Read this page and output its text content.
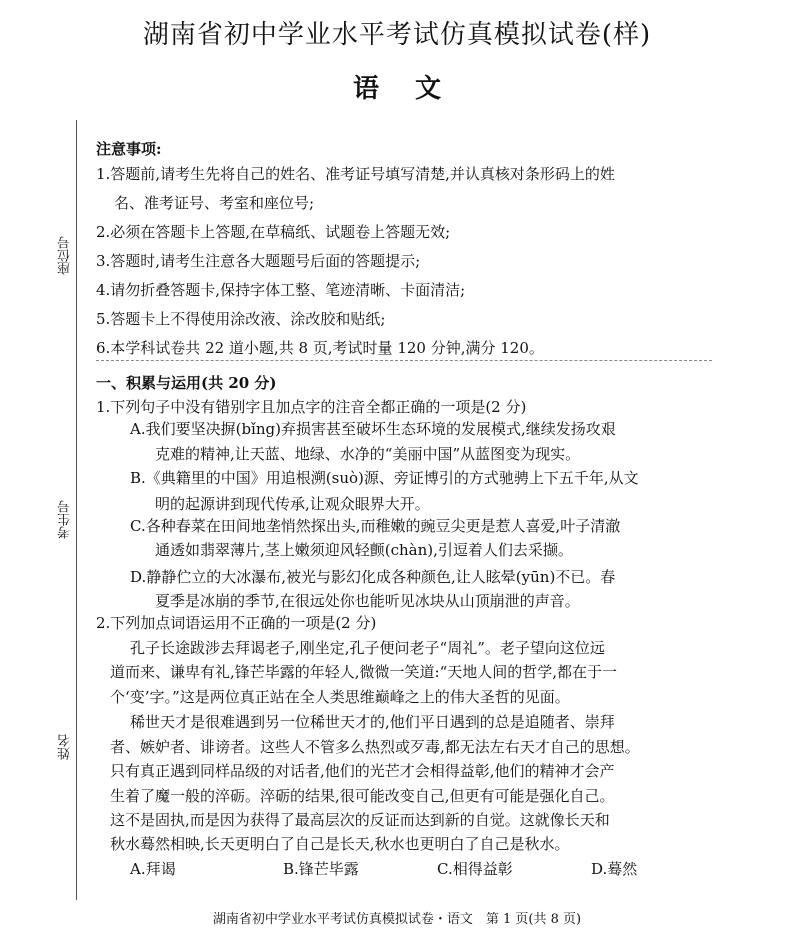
湖南省初中学业水平考试仿真模拟试卷(样)
语文
座位号
考生号
姓名
注意事项:
1.答题前,请考生先将自己的姓名、准考证号填写清楚,并认真核对条形码上的姓
名、准考证号、考室和座位号;
2.必须在答题卡上答题,在草稿纸、试题卷上答题无效;
3.答题时,请考生注意各大题题号后面的答题提示;
4.请勿折叠答题卡,保持字体工整、笔迹清晰、卡面清洁;
5.答题卡上不得使用涂改液、涂改胶和贴纸;
6.本学科试卷共 22 道小题,共 8 页,考试时量 120 分钟,满分 120。
一、积累与运用(共 20 分)
1.下列句子中没有错别字且加点字的注音全都正确的一项是(2 分)
A.我们要坚决摒(bǐng)弃损害甚至破坏生态环境的发展模式,继续发扬攻艰
克难的精神,让天蓝、地绿、水净的“美丽中国”从蓝图变为现实。
B.《典籍里的中国》用追根溯(suò)源、旁证博引的方式驰骋上下五千年,从文
明的起源讲到现代传承,让观众眼界大开。
C.各种春菜在田间地垄悄然探出头,而稚嫩的豌豆尖更是惹人喜爱,叶子清澈
通透如翡翠薄片,茎上嫩须迎风轻颤(chàn),引逗着人们去采撷。
D.静静伫立的大冰瀑布,被光与影幻化成各种颜色,让人眩晕(yūn)不已。春
夏季是冰崩的季节,在很远处你也能听见冰块从山顶崩泄的声音。
2.下列加点词语运用不正确的一项是(2 分)
孔子长途跋涉去拜谒老子,刚坐定,孔子便问老子“周礼”。老子望向这位远
道而来、谦卑有礼,锋芒毕露的年轻人,微微一笑道:“天地人间的哲学,都在于一
个‘变’字。”这是两位真正站在全人类思维巅峰之上的伟大圣哲的见面。
稀世天才是很难遇到另一位稀世天才的,他们平日遇到的总是追随者、崇拜
者、嫉妒者、诽谤者。这些人不管多么热烈或歹毒,都无法左右天才自己的思想。
只有真正遇到同样品级的对话者,他们的光芒才会相得益彰,他们的精神才会产
生着了魔一般的淬砺。淬砺的结果,很可能改变自己,但更有可能是强化自己。
这不是固执,而是因为获得了最高层次的反证而达到新的自觉。这就像长天和
秋水蓦然相映,长天更明白了自己是长天,秋水也更明白了自己是秋水。
A.拜谒	B.锋芒毕露	C.相得益彰	D.蓦然
湖南省初中学业水平考试仿真模拟试卷・语文　第 1 页(共 8 页)
